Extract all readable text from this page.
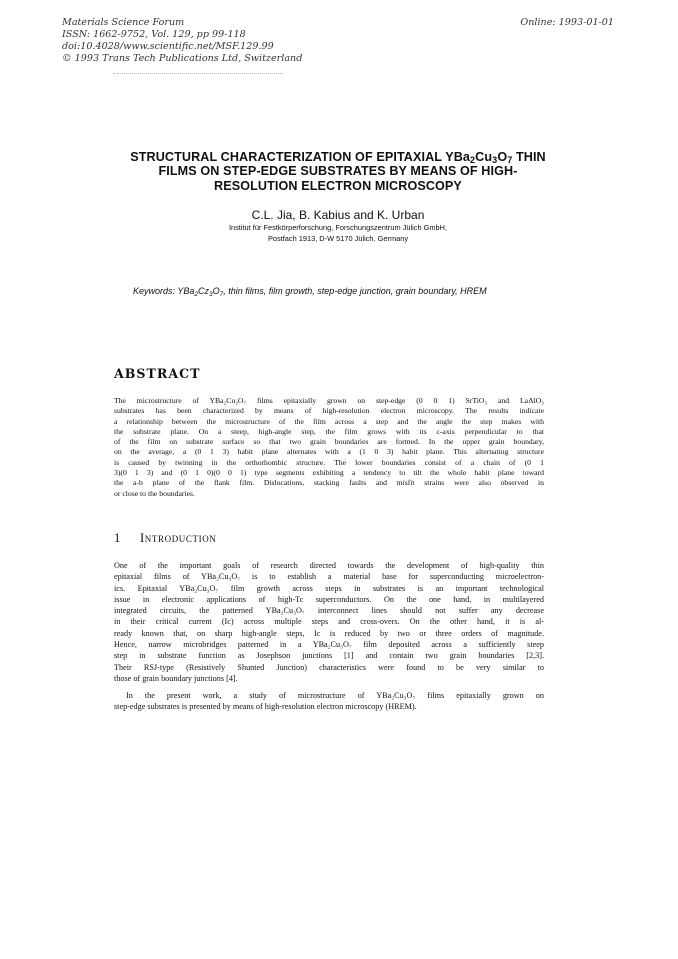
Materials Science Forum
ISSN: 1662-9752, Vol. 129, pp 99-118
doi:10.4028/www.scientific.net/MSF.129.99
© 1993 Trans Tech Publications Ltd, Switzerland
Online: 1993-01-01
STRUCTURAL CHARACTERIZATION OF EPITAXIAL $YBa_2Cu_3O_7$ THIN
FILMS ON STEP-EDGE SUBSTRATES BY MEANS OF HIGH-
RESOLUTION ELECTRON MICROSCOPY
C.L. Jia, B. Kabius and K. Urban
Institut für Festkörperforschung, Forschungszentrum Jülich GmbH,
Postfach 1913, D-W 5170 Jülich, Germany
Keywords: $YBa_2Cz_3O_7$, thin films, film growth, step-edge junction, grain boundary, HREM
ABSTRACT
The microstructure of YBa₂Cu₃O₇ films epitaxially grown on step-edge (0 0 1) SrTiO₃ and LaAlO₃
substrates has been characterized by means of high-resolution electron microscopy. The results indicate
a relationship between the microstructure of the film across a step and the angle the step makes with
the substrate plane. On a steep, high-angle step, the film grows with its c-axis perpendicular to that
of the film on substrate surface so that two grain boundaries are formed. In the upper grain boundary,
on the average, a (0 1 3) habit plane alternates with a (1 0 3) habit plane. This alternating structure
is caused by twinning in the orthorhombic structure. The lower boundaries consist of a chain of (0 1
3)(0 1 3) and (0 1 0)(0 0 1) type segments exhibiting a tendency to tilt the whole habit plane toward
the a-b plane of the flank film. Dislocations, stacking faults and misfit strains were also observed in
or close to the boundaries.
1 Introduction
One of the important goals of research directed towards the development of high-quality thin
epitaxial films of YBa₂Cu₃O₇ is to establish a material base for superconducting microelectron-
ics. Epitaxial YBa₂Cu₃O₇ film growth across steps in substrates is an important technological
issue in electronic applications of high-Tc superconductors. On the one hand, in multilayered
integrated circuits, the patterned YBa₂Cu₃O₇ interconnect lines should not suffer any decrease
in their critical current (Ic) across multiple steps and cross-overs. On the other hand, it is al-
ready known that, on sharp high-angle steps, Ic is reduced by two or three orders of magnitude.
Hence, narrow microbridges patterned in a YBa₂Cu₃O₇ film deposited across a sufficiently steep
step in substrate function as Josephson junctions [1] and contain two grain boundaries [2,3].
Their RSJ-type (Resistively Shunted Junction) characteristics were found to be very similar to
those of grain boundary junctions [4].
In the present work, a study of microstructure of YBa₂Cu₃O₇ films epitaxially grown on
step-edge substrates is presented by means of high-resolution electron microscopy (HREM).
